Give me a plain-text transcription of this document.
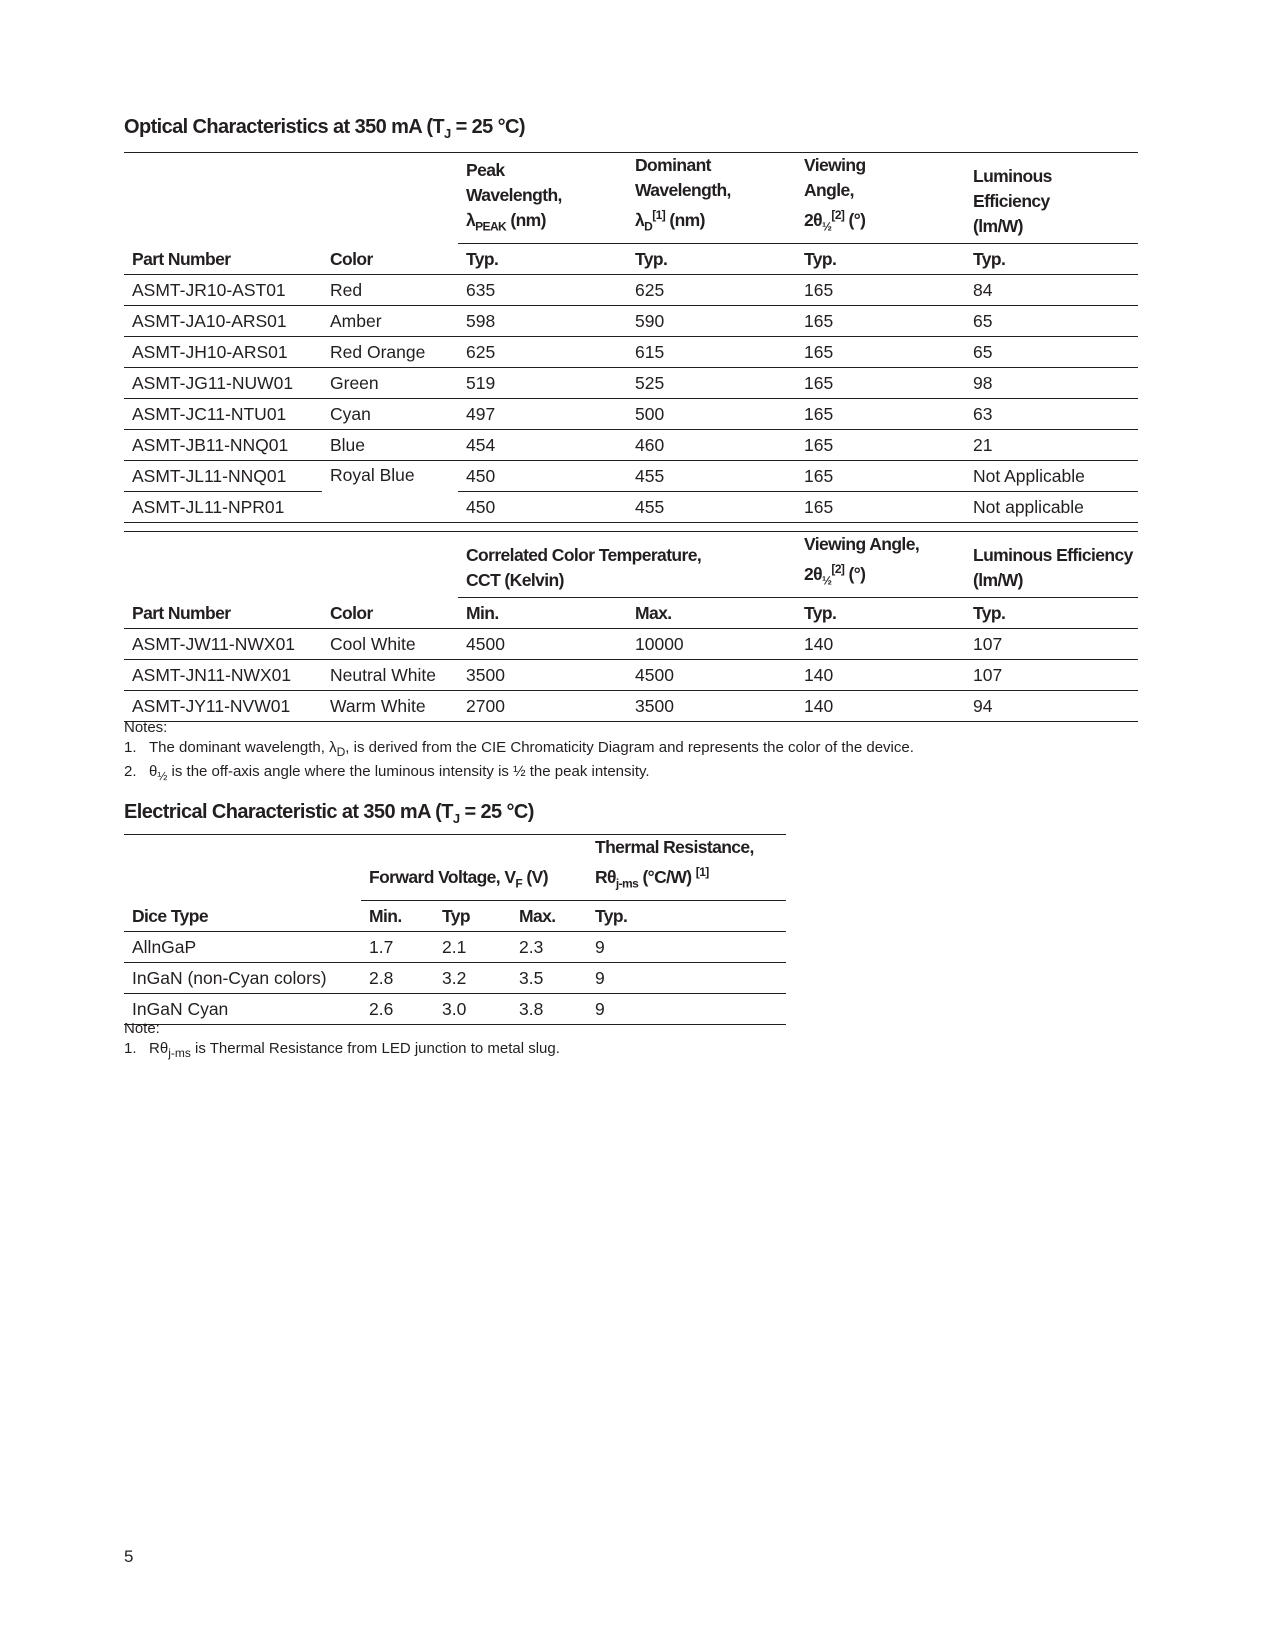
Optical Characteristics at 350 mA ($T_J = 25$ °C)
		Peak
Wavelength,
$\lambda_{PEAK}$ (nm)	Dominant
Wavelength,
$\lambda_D[1]$ (nm)	Viewing
Angle,
$2\theta_{\frac{1}{2}}[2]$ (°)	Luminous
Efficiency
(lm/W)
Part Number	Color	Typ.	Typ.	Typ.	Typ.
ASMT-JR10-AST01	Red	635	625	165	84
ASMT-JA10-ARS01	Amber	598	590	165	65
ASMT-JH10-ARS01	Red Orange	625	615	165	65
ASMT-JG11-NUW01	Green	519	525	165	98
ASMT-JC11-NTU01	Cyan	497	500	165	63
ASMT-JB11-NNQ01	Blue	454	460	165	21
ASMT-JL11-NNQ01	Royal Blue	450	455	165	Not Applicable
ASMT-JL11-NPR01		450	455	165	Not applicable
		Correlated Color Temperature,
CCT (Kelvin)		Viewing Angle,
$2\theta_{\frac{1}{2}}[2]$ (°)	Luminous Efficiency
(lm/W)
Part Number	Color	Min.	Max.	Typ.	Typ.
ASMT-JW11-NWX01	Cool White	4500	10000	140	107
ASMT-JN11-NWX01	Neutral White	3500	4500	140	107
ASMT-JY11-NVW01	Warm White	2700	3500	140	94
Notes:
1. The dominant wavelength, $\lambda_D$, is derived from the CIE Chromaticity Diagram and represents the color of the device.
2. $\theta_{\frac{1}{2}}$ is the off-axis angle where the luminous intensity is ½ the peak intensity.
Electrical Characteristic at 350 mA ($T_J = 25$ °C)
	Forward Voltage, $V_F$ (V)			Thermal Resistance,
$R\theta_{j-ms}$ (°C/W) [1]
Dice Type	Min.	Typ	Max.	Typ.
AllnGaP	1.7	2.1	2.3	9
InGaN (non-Cyan colors)	2.8	3.2	3.5	9
InGaN Cyan	2.6	3.0	3.8	9
Note:
1. $R\theta_{j-ms}$ is Thermal Resistance from LED junction to metal slug.
5
